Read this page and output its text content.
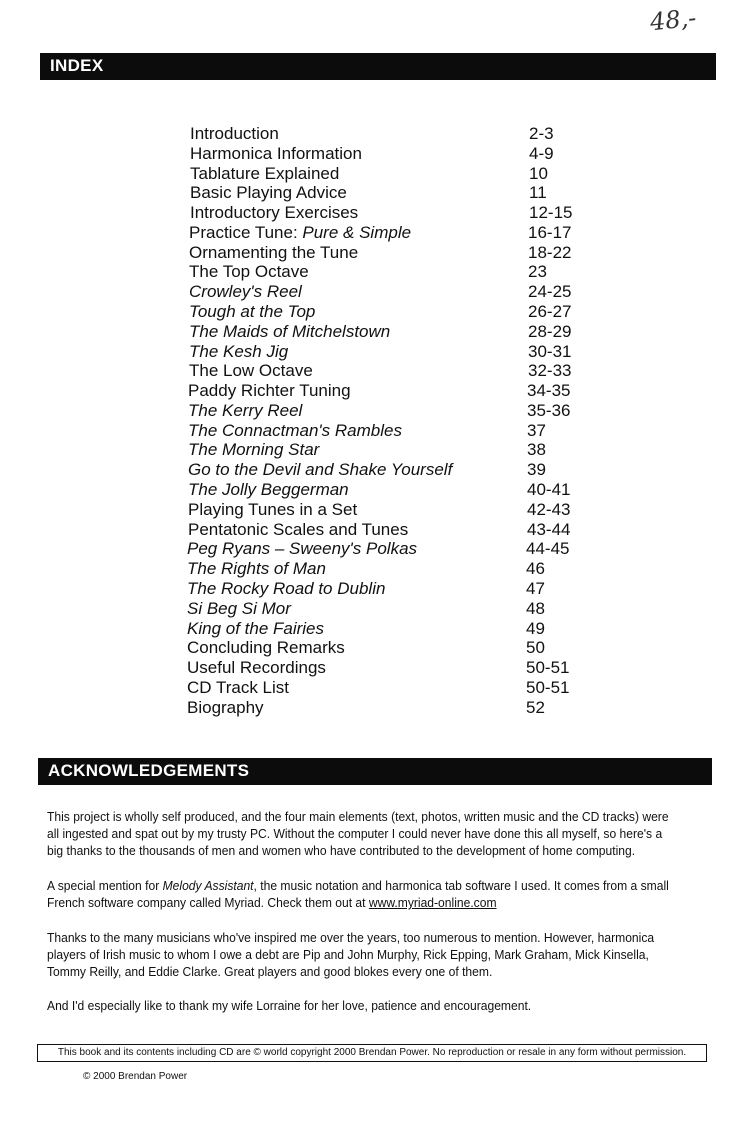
48,-
INDEX
Introduction	2-3
Harmonica Information	4-9
Tablature Explained	10
Basic Playing Advice	11
Introductory Exercises	12-15
Practice Tune: Pure & Simple	16-17
Ornamenting the Tune	18-22
The Top Octave	23
Crowley's Reel	24-25
Tough at the Top	26-27
The Maids of Mitchelstown	28-29
The Kesh Jig	30-31
The Low Octave	32-33
Paddy Richter Tuning	34-35
The Kerry Reel	35-36
The Connactman's Rambles	37
The Morning Star	38
Go to the Devil and Shake Yourself	39
The Jolly Beggerman	40-41
Playing Tunes in a Set	42-43
Pentatonic Scales and Tunes	43-44
Peg Ryans – Sweeny's Polkas	44-45
The Rights of Man	46
The Rocky Road to Dublin	47
Si Beg Si Mor	48
King of the Fairies	49
Concluding Remarks	50
Useful Recordings	50-51
CD Track List	50-51
Biography	52
ACKNOWLEDGEMENTS

This project is wholly self produced, and the four main elements (text, photos, written music and the CD tracks) were all ingested and spat out by my trusty PC. Without the computer I could never have done this all myself, so here's a big thanks to the thousands of men and women who have contributed to the development of home computing.

A special mention for Melody Assistant, the music notation and harmonica tab software I used. It comes from a small French software company called Myriad. Check them out at www.myriad-online.com

Thanks to the many musicians who've inspired me over the years, too numerous to mention. However, harmonica players of Irish music to whom I owe a debt are Pip and John Murphy, Rick Epping, Mark Graham, Mick Kinsella, Tommy Reilly, and Eddie Clarke. Great players and good blokes every one of them.

And I'd especially like to thank my wife Lorraine for her love, patience and encouragement.

This book and its contents including CD are © world copyright 2000 Brendan Power. No reproduction or resale in any form without permission.
© 2000 Brendan Power
